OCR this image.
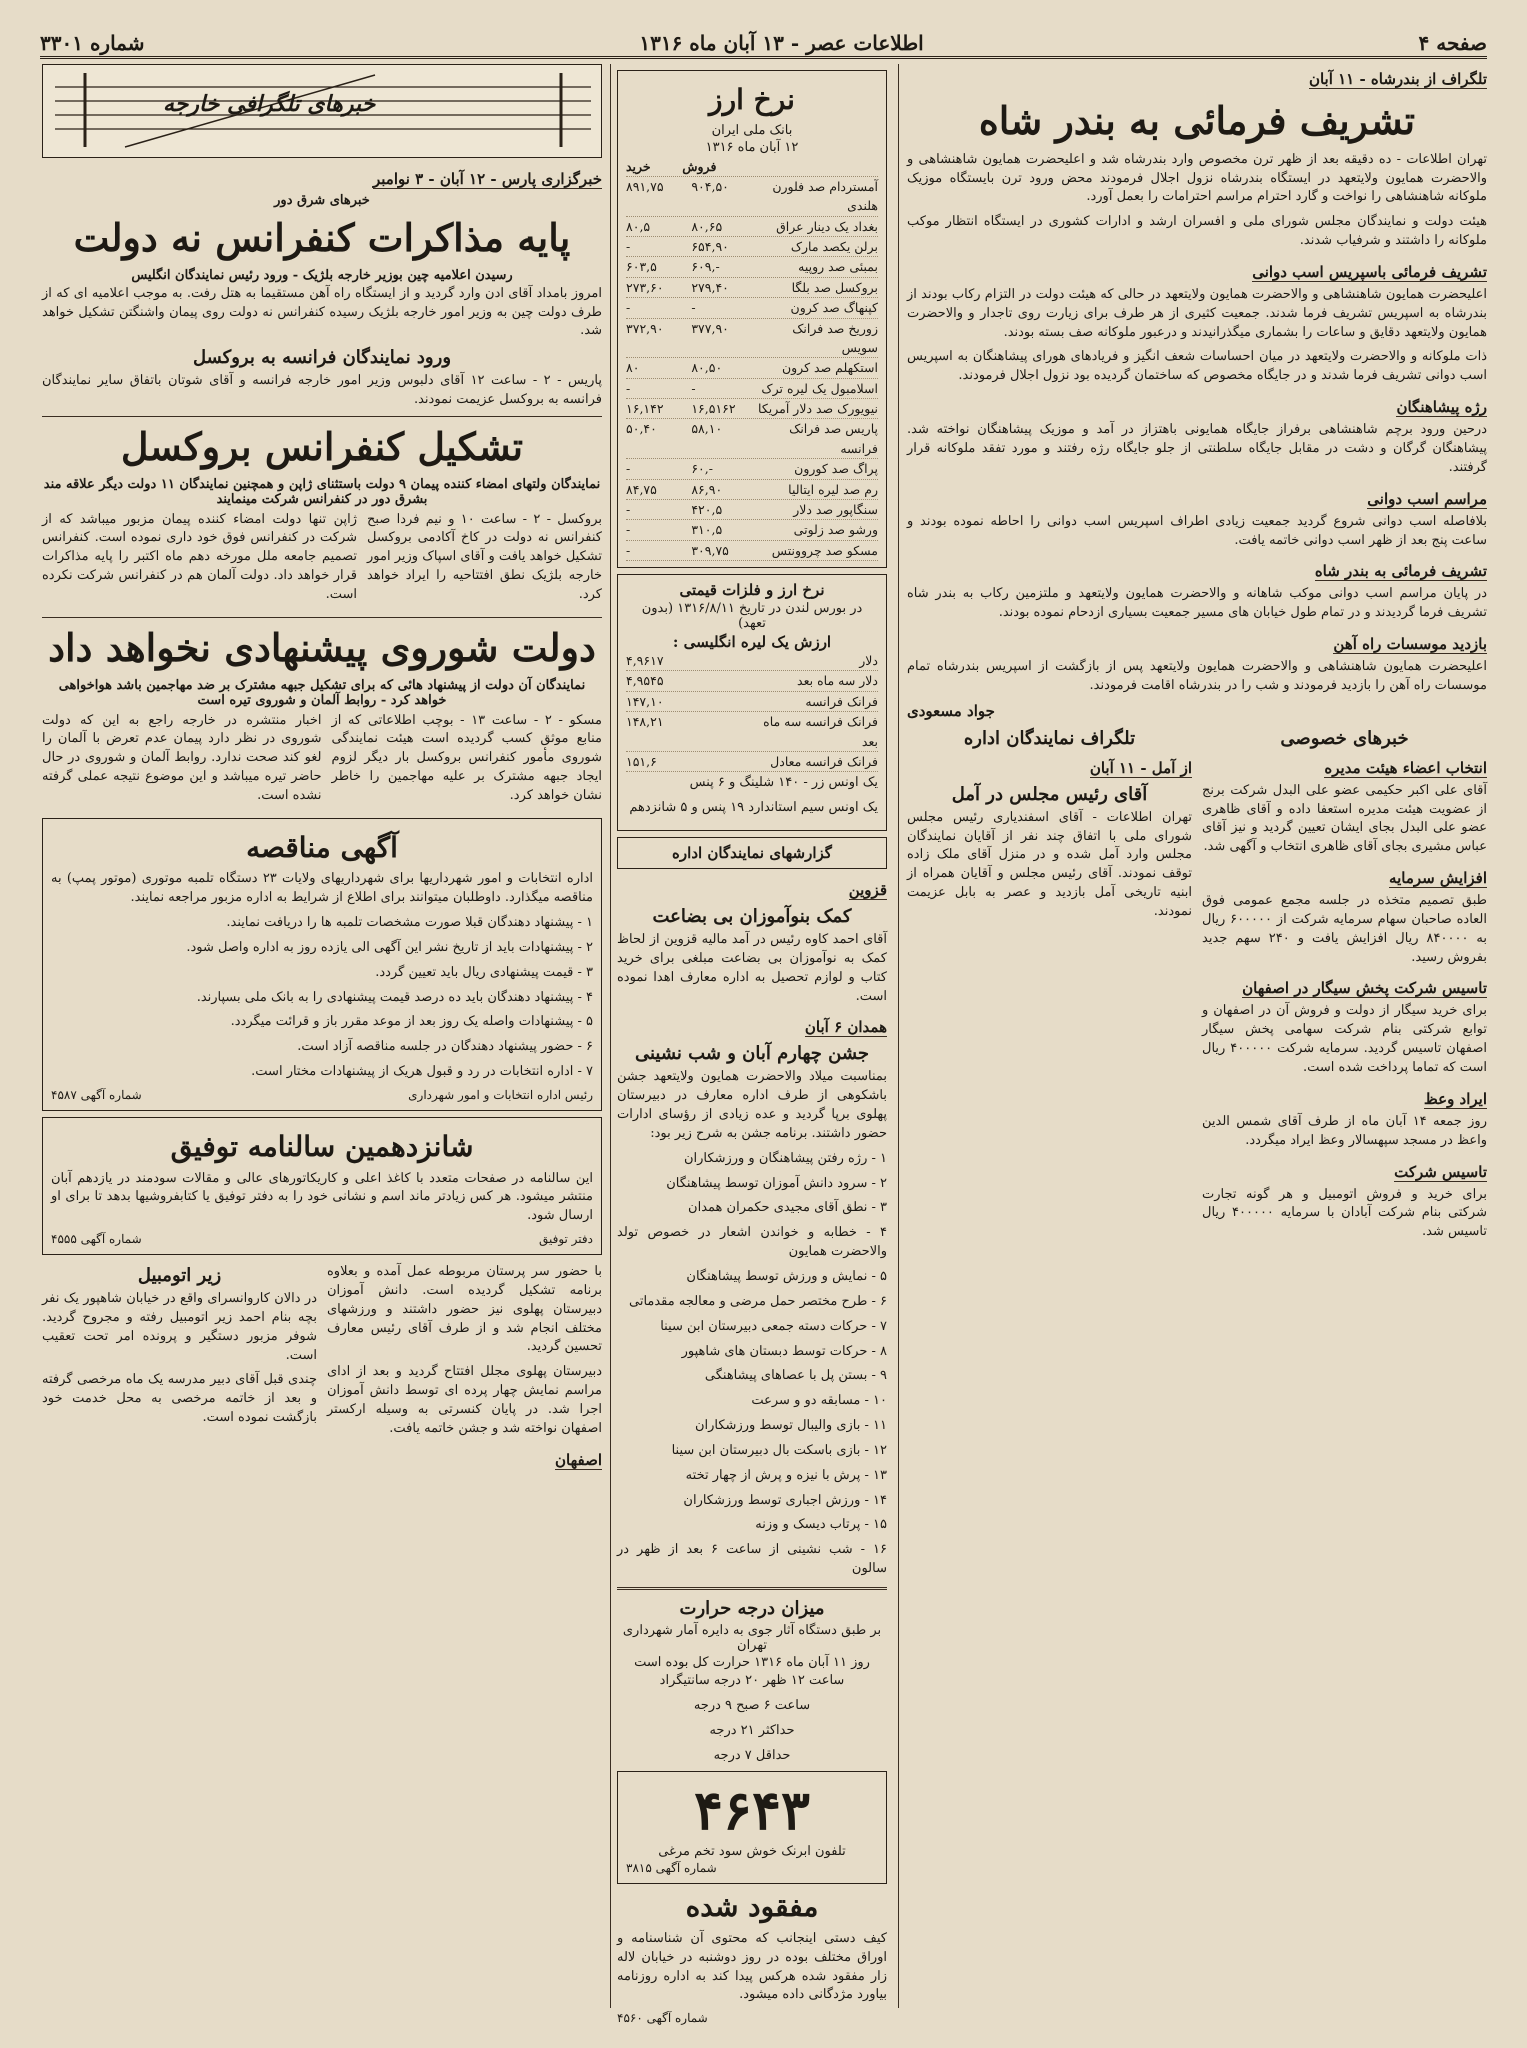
صفحه ۴
اطلاعات عصر - ۱۳ آبان ماه ۱۳۱۶
شماره ۳۳۰۱
تلگراف از بندرشاه - ۱۱ آبان
تشریف فرمائی به بندر شاه

تهران اطلاعات - ده دقیقه بعد از ظهر ترن مخصوص وارد بندرشاه شد و اعلیحضرت همایون شاهنشاهی و والاحضرت همایون ولایتعهد در ایستگاه بندرشاه نزول اجلال فرمودند محض ورود ترن بایستگاه موزیک ملوکانه شاهنشاهی را نواخت و گارد احترام مراسم احترامات را بعمل آورد.

هیئت دولت و نمایندگان مجلس شورای ملی و افسران ارشد و ادارات کشوری در ایستگاه انتظار موکب ملوکانه را داشتند و شرفیاب شدند.

تشریف فرمائی باسپریس اسب دوانی

اعلیحضرت همایون شاهنشاهی و والاحضرت همایون ولایتعهد در حالی که هیئت دولت در التزام رکاب بودند از بندرشاه به اسپریس تشریف فرما شدند. جمعیت کثیری از هر طرف برای زیارت روی تاجدار و والاحضرت همایون ولایتعهد دقایق و ساعات را بشماری میگذرانیدند و درعبور ملوکانه صف بسته بودند.

ذات ملوکانه و والاحضرت ولایتعهد در میان احساسات شعف انگیز و فریادهای هورای پیشاهنگان به اسپریس اسب دوانی تشریف فرما شدند و در جایگاه مخصوص که ساختمان گردیده بود نزول اجلال فرمودند.

رژه پیشاهنگان

درحین ورود برچم شاهنشاهی برفراز جایگاه همایونی باهتزاز در آمد و موزیک پیشاهنگان نواخته شد. پیشاهنگان گرگان و دشت در مقابل جایگاه سلطنتی از جلو جایگاه رژه رفتند و مورد تفقد ملوکانه قرار گرفتند.

مراسم اسب دوانی

بلافاصله اسب دوانی شروع گردید جمعیت زیادی اطراف اسپریس اسب دوانی را احاطه نموده بودند و ساعت پنج بعد از ظهر اسب دوانی خاتمه یافت.

تشریف فرمائی به بندر شاه

در پایان مراسم اسب دوانی موکب شاهانه و والاحضرت همایون ولایتعهد و ملتزمین رکاب به بندر شاه تشریف فرما گردیدند و در تمام طول خیابان های مسیر جمعیت بسیاری ازدحام نموده بودند.

بازدید موسسات راه آهن

اعلیحضرت همایون شاهنشاهی و والاحضرت همایون ولایتعهد پس از بازگشت از اسپریس بندرشاه تمام موسسات راه آهن را بازدید فرمودند و شب را در بندرشاه اقامت فرمودند.

جواد مسعودی
خبرهای خصوصی
انتخاب اعضاء هیئت مدیره

آقای علی اکبر حکیمی عضو علی البدل شرکت برنج از عضویت هیئت مدیره استعفا داده و آقای ظاهری عضو علی البدل بجای ایشان تعیین گردید و نیز آقای عباس مشیری بجای آقای ظاهری انتخاب و آگهی شد.

افزایش سرمایه

طبق تصمیم متخذه در جلسه مجمع عمومی فوق العاده صاحبان سهام سرمایه شرکت از ۶۰۰۰۰۰ ریال به ۸۴۰۰۰۰ ریال افزایش یافت و ۲۴۰ سهم جدید بفروش رسید.

تاسیس شرکت پخش سیگار در اصفهان

برای خرید سیگار از دولت و فروش آن در اصفهان و توابع شرکتی بنام شرکت سهامی پخش سیگار اصفهان تاسیس گردید. سرمایه شرکت ۴۰۰۰۰۰ ریال است که تماما پرداخت شده است.

ایراد وعظ

روز جمعه ۱۴ آبان ماه از طرف آقای شمس الدین واعظ در مسجد سپهسالار وعظ ایراد میگردد.

تاسیس شرکت

برای خرید و فروش اتومبیل و هر گونه تجارت شرکتی بنام شرکت آبادان با سرمایه ۴۰۰۰۰۰ ریال تاسیس شد.

تلگراف نمایندگان اداره
از آمل - ۱۱ آبان
آقای رئیس مجلس در آمل

تهران اطلاعات - آقای اسفندیاری رئیس مجلس شورای ملی با اتفاق چند نفر از آقایان نمایندگان مجلس وارد آمل شده و در منزل آقای ملک زاده توقف نمودند. آقای رئیس مجلس و آقایان همراه از ابنیه تاریخی آمل بازدید و عصر به بابل عزیمت نمودند.

نرخ ارز
بانک ملی ایران
۱۲ آبان ماه ۱۳۱۶
فروش
خرید
آمستردام صد فلورن هلندی
۹۰۴,۵۰
۸۹۱,۷۵
بغداد یک دینار عراق
۸۰,۶۵
۸۰,۵
برلن یکصد مارک
۶۵۴,۹۰
-
بمبئی صد روپیه
۶۰۹,-
۶۰۳,۵
بروکسل صد بلگا
۲۷۹,۴۰
۲۷۳,۶۰
کپنهاگ صد کرون
-
-
زوریخ صد فرانک سویس
۳۷۷,۹۰
۳۷۲,۹۰
استکهلم صد کرون
۸۰,۵۰
۸۰
اسلامبول یک لیره ترک
-
-
نیویورک صد دلار آمریکا
۱۶,۵۱۶۲
۱۶,۱۴۲
پاریس صد فرانک فرانسه
۵۸,۱۰
۵۰,۴۰
پراگ صد کورون
۶۰,-
-
رم صد لیره ایتالیا
۸۶,۹۰
۸۴,۷۵
سنگاپور صد دلار
۴۲۰,۵
-
ورشو صد زلوتی
۳۱۰,۵
-
مسکو صد چروونتس
۳۰۹,۷۵
-
نرخ ارز و فلزات قیمتی
در بورس لندن در تاریخ ۱۳۱۶/۸/۱۱ (بدون تعهد)
ارزش یک لیره انگلیسی :
دلار
۴,۹۶۱۷
دلار سه ماه بعد
۴,۹۵۴۵
فرانک فرانسه
۱۴۷,۱۰
فرانک فرانسه سه ماه بعد
۱۴۸,۲۱
فرانک فرانسه معادل
۱۵۱,۶

یک اونس زر - ۱۴۰ شلینگ و ۶ پنس

یک اونس سیم استاندارد ۱۹ پنس و ۵ شانزدهم

گزارشهای نمایندگان اداره
قزوین
کمک بنوآموزان بی بضاعت

آقای احمد کاوه رئیس در آمد مالیه قزوین از لحاظ کمک به نوآموزان بی بضاعت مبلغی برای خرید کتاب و لوازم تحصیل به اداره معارف اهدا نموده است.

همدان ۶ آبان
جشن چهارم آبان و شب نشینی

بمناسبت میلاد والاحضرت همایون ولایتعهد جشن باشکوهی از طرف اداره معارف در دبیرستان پهلوی برپا گردید و عده زیادی از رؤسای ادارات حضور داشتند. برنامه جشن به شرح زیر بود:

۱ - رژه رفتن پیشاهنگان و ورزشکاران
۲ - سرود دانش آموزان توسط پیشاهنگان
۳ - نطق آقای مجیدی حکمران همدان
۴ - خطابه و خواندن اشعار در خصوص تولد والاحضرت همایون
۵ - نمایش و ورزش توسط پیشاهنگان
۶ - طرح مختصر حمل مرضی و معالجه مقدماتی
۷ - حرکات دسته جمعی دبیرستان ابن سینا
۸ - حرکات توسط دبستان های شاهپور
۹ - بستن پل با عصاهای پیشاهنگی
۱۰ - مسابقه دو و سرعت
۱۱ - بازی والیبال توسط ورزشکاران
۱۲ - بازی باسکت بال دبیرستان ابن سینا
۱۳ - پرش با نیزه و پرش از چهار تخته
۱۴ - ورزش اجباری توسط ورزشکاران
۱۵ - پرتاب دیسک و وزنه
۱۶ - شب نشینی از ساعت ۶ بعد از ظهر در سالون
میزان درجه حرارت
بر طبق دستگاه آثار جوی به دایره آمار شهرداری تهران
روز ۱۱ آبان ماه ۱۳۱۶ حرارت کل بوده است
ساعت ۱۲ ظهر ۲۰ درجه سانتیگراد
ساعت ۶ صبح ۹ درجه
حداکثر ۲۱ درجه
حداقل ۷ درجه
۴۶۴۳
تلفون ابرنک خوش سود تخم مرغی
شماره آگهی ۳۸۱۵
مفقود شده

کیف دستی اینجانب که محتوی آن شناسنامه و اوراق مختلف بوده در روز دوشنبه در خیابان لاله زار مفقود شده هرکس پیدا کند به اداره روزنامه بیاورد مژدگانی داده میشود.

شماره آگهی ۴۵۶۰
خبرهای تلگرافی خارجه
خبرگزاری پارس - ۱۲ آبان - ۳ نوامبر
خبرهای شرق دور
پایه مذاکرات کنفرانس نه دولت
رسیدن اعلامیه چین بوزیر خارجه بلژیک - ورود رئیس نمایندگان انگلیس

امروز بامداد آقای ادن وارد گردید و از ایستگاه راه آهن مستقیما به هتل رفت. به موجب اعلامیه ای که از طرف دولت چین به وزیر امور خارجه بلژیک رسیده کنفرانس نه دولت روی پیمان واشنگتن تشکیل خواهد شد.

ورود نمایندگان فرانسه به بروکسل

پاریس - ۲ - ساعت ۱۲ آقای دلبوس وزیر امور خارجه فرانسه و آقای شوتان باتفاق سایر نمایندگان فرانسه به بروکسل عزیمت نمودند.

تشکیل کنفرانس بروکسل
نمایندگان ولتهای امضاء کننده پیمان ۹ دولت باستثنای ژاپن و همچنین نمایندگان ۱۱ دولت دیگر علاقه مند بشرق دور در کنفرانس شرکت مینمایند

بروکسل - ۲ - ساعت ۱۰ و نیم فردا صبح کنفرانس نه دولت در کاخ آکادمی بروکسل تشکیل خواهد یافت و آقای اسپاک وزیر امور خارجه بلژیک نطق افتتاحیه را ایراد خواهد کرد.

ژاپن تنها دولت امضاء کننده پیمان مزبور میباشد که از شرکت در کنفرانس فوق خود داری نموده است. کنفرانس تصمیم جامعه ملل مورخه دهم ماه اکتبر را پایه مذاکرات قرار خواهد داد. دولت آلمان هم در کنفرانس شرکت نکرده است.

دولت شوروی پیشنهادی نخواهد داد
نمایندگان آن دولت از پیشنهاد هائی که برای تشکیل جبهه مشترک بر ضد مهاجمین باشد هواخواهی خواهد کرد - روابط آلمان و شوروی تیره است

مسکو - ۲ - ساعت ۱۳ - بوچب اطلاعاتی که از منابع موثق کسب گردیده است هیئت نمایندگی شوروی مأمور کنفرانس بروکسل بار دیگر لزوم ایجاد جبهه مشترک بر علیه مهاجمین را خاطر نشان خواهد کرد.

اخبار منتشره در خارجه راجع به این که دولت شوروی در نظر دارد پیمان عدم تعرض با آلمان را لغو کند صحت ندارد. روابط آلمان و شوروی در حال حاضر تیره میباشد و این موضوع نتیجه عملی گرفته نشده است.

آگهی مناقصه

اداره انتخابات و امور شهرداریها برای شهرداریهای ولایات ۲۳ دستگاه تلمبه موتوری (موتور پمپ) به مناقصه میگذارد. داوطلبان میتوانند برای اطلاع از شرایط به اداره مزبور مراجعه نمایند.

۱ - پیشنهاد دهندگان قبلا صورت مشخصات تلمبه ها را دریافت نمایند.
۲ - پیشنهادات باید از تاریخ نشر این آگهی الی یازده روز به اداره واصل شود.
۳ - قیمت پیشنهادی ریال باید تعیین گردد.
۴ - پیشنهاد دهندگان باید ده درصد قیمت پیشنهادی را به بانک ملی بسپارند.
۵ - پیشنهادات واصله یک روز بعد از موعد مقرر باز و قرائت میگردد.
۶ - حضور پیشنهاد دهندگان در جلسه مناقصه آزاد است.
۷ - اداره انتخابات در رد و قبول هریک از پیشنهادات مختار است.
رئیس اداره انتخابات و امور شهرداری
شماره آگهی ۴۵۸۷
شانزدهمین سالنامه توفیق

این سالنامه در صفحات متعدد با کاغذ اعلی و کاریکاتورهای عالی و مقالات سودمند در یازدهم آبان منتشر میشود. هر کس زیادتر ماند اسم و نشانی خود را به دفتر توفیق یا کتابفروشیها بدهد تا برای او ارسال شود.

دفتر توفیق
شماره آگهی ۴۵۵۵

با حضور سر پرستان مربوطه عمل آمده و بعلاوه برنامه تشکیل گردیده است. دانش آموزان دبیرستان پهلوی نیز حضور داشتند و ورزشهای مختلف انجام شد و از طرف آقای رئیس معارف تحسین گردید.

دبیرستان پهلوی مجلل افتتاح گردید و بعد از ادای مراسم نمایش چهار پرده ای توسط دانش آموزان اجرا شد. در پایان کنسرتی به وسیله ارکستر اصفهان نواخته شد و جشن خاتمه یافت.

اصفهان
زیر اتومبیل

در دالان کاروانسرای واقع در خیابان شاهپور یک نفر بچه بنام احمد زیر اتومبیل رفته و مجروح گردید. شوفر مزبور دستگیر و پرونده امر تحت تعقیب است.

چندی قبل آقای دبیر مدرسه یک ماه مرخصی گرفته و بعد از خاتمه مرخصی به محل خدمت خود بازگشت نموده است.
